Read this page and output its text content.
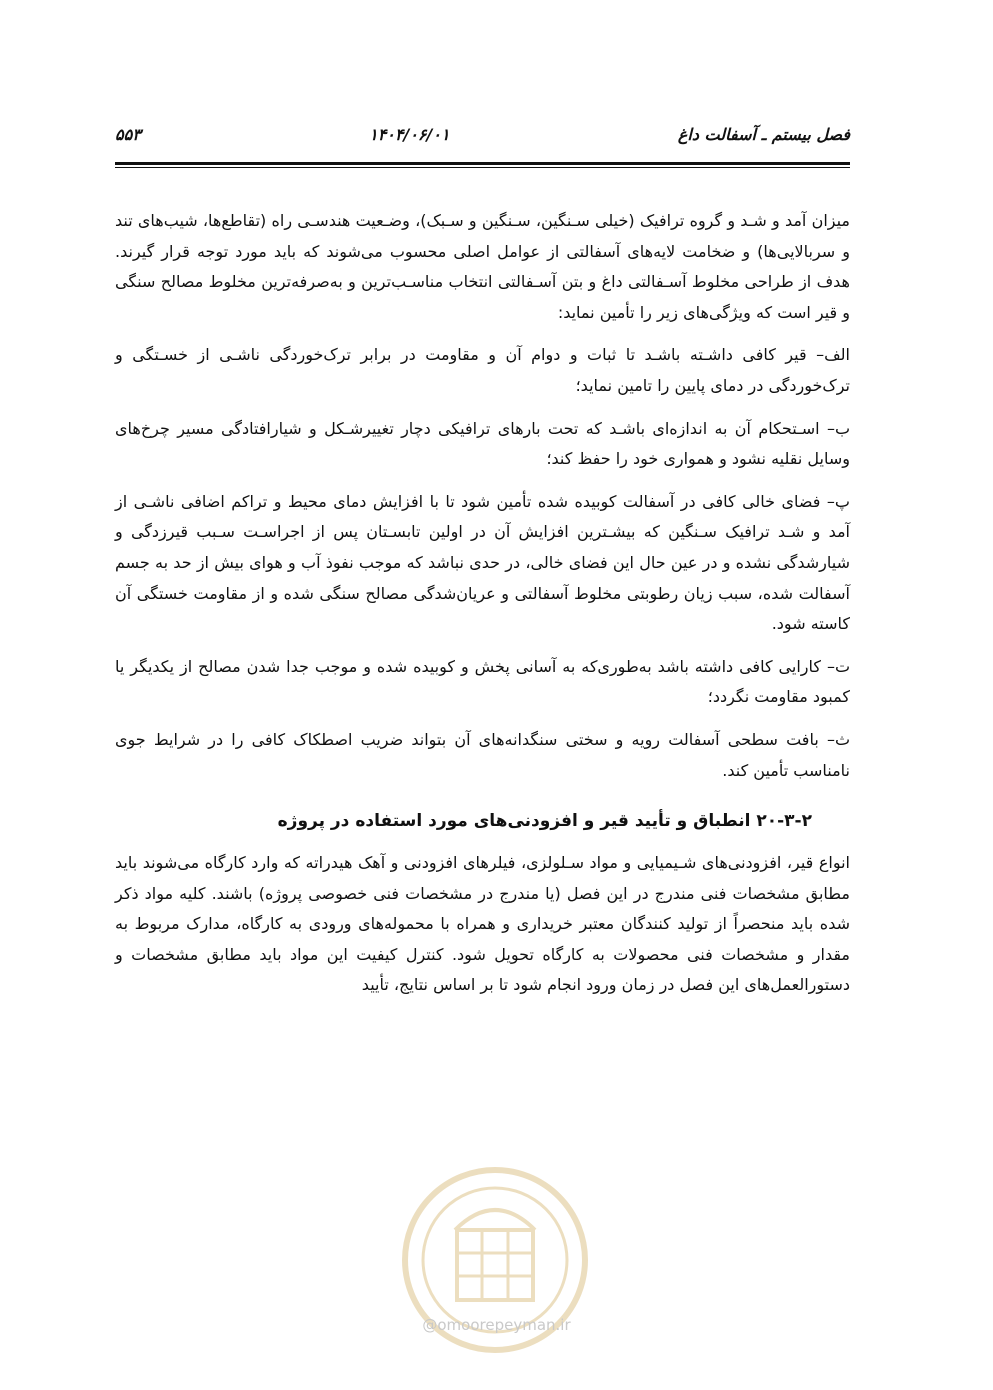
فصل بیستم ـ آسفالت داغ
۱۴۰۴/۰۶/۰۱
۵۵۳

میزان آمد و شـد و گروه ترافیک (خیلی سـنگین، سـنگین و سـبک)، وضـعیت هندسـی راه (تقاطع‌ها، شیب‌های تند و سربالایی‌ها) و ضخامت لایه‌های آسفالتی از عوامل اصلی محسوب می‌شوند که باید مورد توجه قرار گیرند. هدف از طراحی مخلوط آسـفالتی داغ و بتن آسـفالتی انتخاب مناسـب‌ترین و به‌صرفه‌ترین مخلوط مصالح سنگی و قیر است که ویژگی‌های زیر را تأمین نماید:

الف– قیر کافی داشـته باشـد تا ثبات و دوام آن و مقاومت در برابر ترک‌خوردگی ناشـی از خسـتگی و ترک‌خوردگی در دمای پایین را تامین نماید؛

ب– اسـتحکام آن به اندازه‌ای باشـد که تحت بارهای ترافیکی دچار تغییرشـکل و شیارافتادگی مسیر چرخ‌های وسایل نقلیه نشود و هموا‌ری خود را حفظ کند؛

پ– فضای خالی کافی در آسفالت کوبیده شده تأمین شود تا با افزایش دمای محیط و تراکم اضافی ناشـی از آمد و شـد ترافیک سـنگین که بیشـترین افزایش آن در اولین تابسـتان پس از اجراسـت سـبب قیرزدگی و شیارشدگی نشده و در عین حال این فضای خالی، در حدی نباشد که موجب نفوذ آب و هوای بیش از حد به جسم آسفالت شده، سبب زیان رطوبتی مخلوط آسفالتی و عریان‌شدگی مصالح سنگی شده و از مقاومت خستگی آن کاسته شود.

ت– کارایی کافی داشته باشد به‌طوری‌که به آسانی پخش و کوبیده شده و موجب جدا شدن مصالح از یکدیگر یا کمبود مقاومت نگردد؛

ث– بافت سطحی آسفالت رویه و سختی سنگدانه‌های آن بتواند ضریب اصطکاک کافی را در شرایط جوی نامناسب تأمین کند.

۲۰-۳-۲ انطباق و تأیید قیر و افزودنی‌های مورد استفاده در پروژه

انواع قیر، افزودنی‌های شـیمیایی و مواد سـلولزی، فیلرهای افزودنی و آهک هیدراته که وارد کارگاه می‌شوند باید مطابق مشخصات فنی مندرج در این فصل (یا مندرج در مشخصات فنی خصوصی پروژه) باشند. کلیه مواد ذکر شده باید منحصراً از تولید کنندگان معتبر خریداری و همراه با محموله‌های ورودی به کارگاه، مدارک مربوط به مقدار و مشخصات فنی محصولات به کارگاه تحویل شود. کنترل کیفیت این مواد باید مطابق مشخصات و دستورالعمل‌های این فصل در زمان ورود انجام شود تا بر اساس نتایج، تأیید

@omoorepeyman.ir
